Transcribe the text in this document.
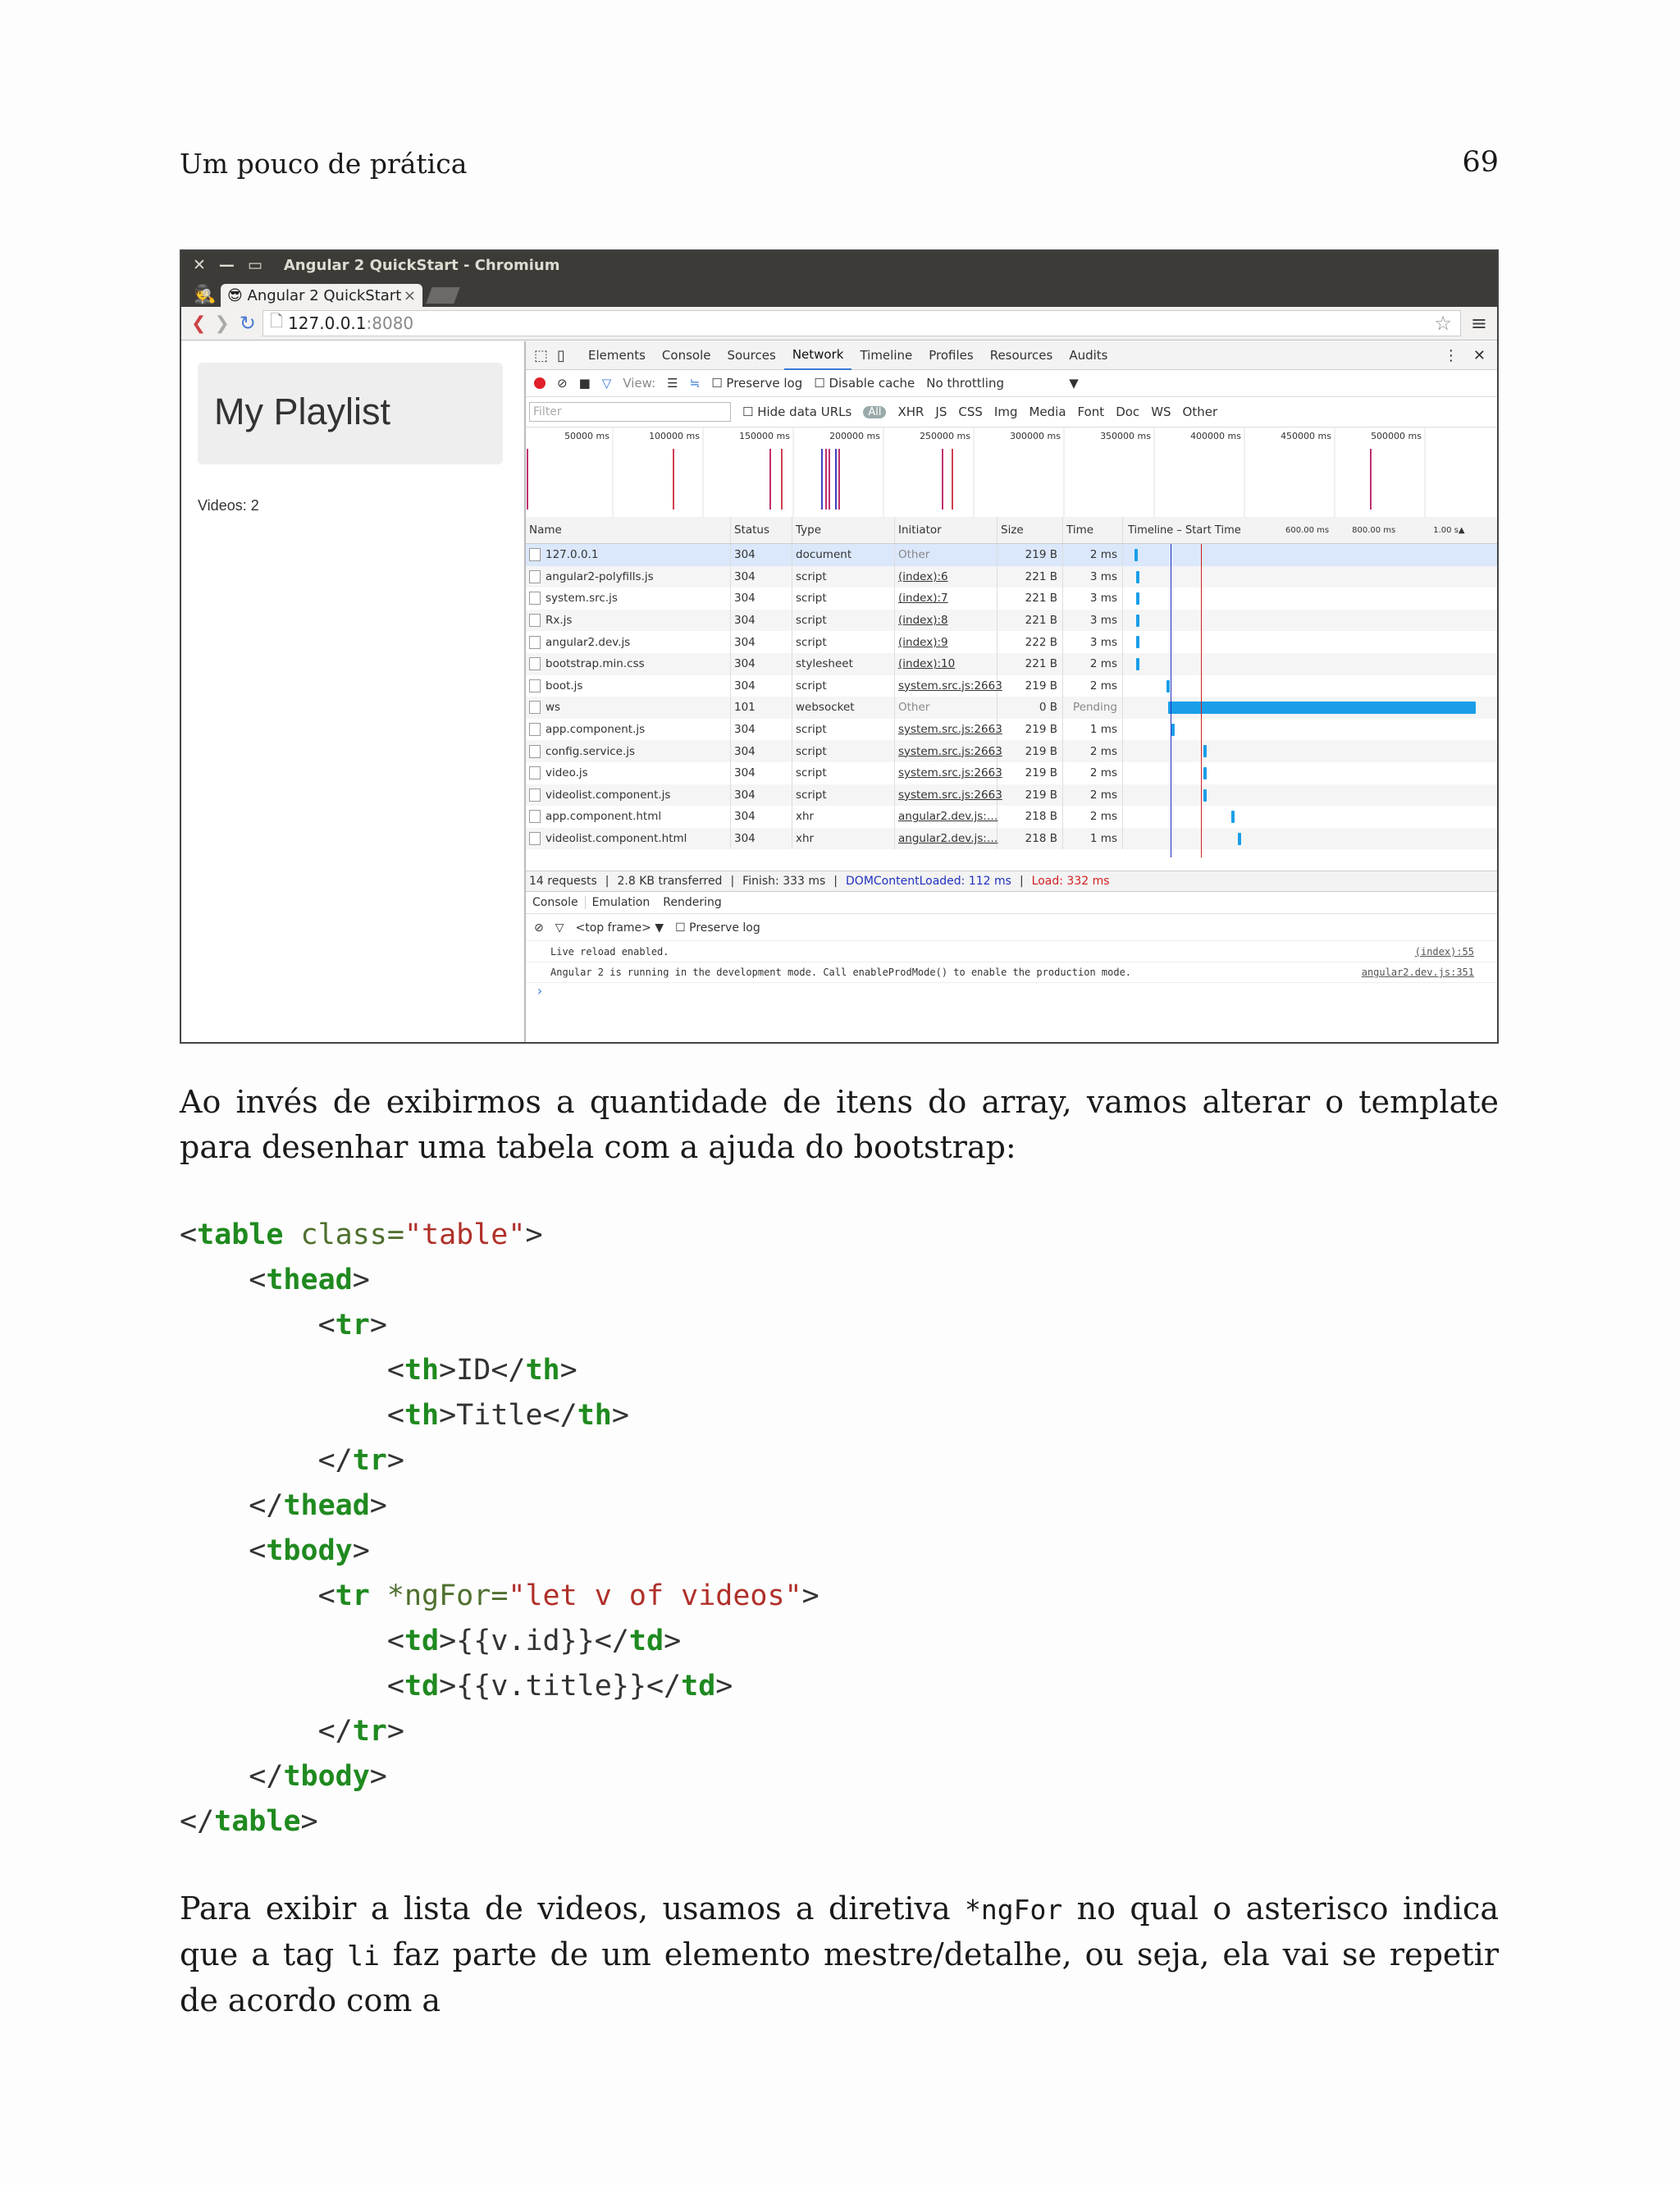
Um pouco de prática	69
✕ — ▭ Angular 2 QuickStart - Chromium
🕵 😎
Angular 2 QuickStart ×
❮ ❯ ↻ 🗋 127.0.0.1 :8080	☆ ≡
My Playlist
Videos: 2
⬚ ▯	Elements	Console	Sources	Network	Timeline	Profiles	Resources	Audits	⋮ ✕
⊘ ■ ▽ View: ☰ ≒ ☐ Preserve log ☐ Disable cache No throttling	▼
Filter	☐ Hide data URLs	All	XHR JS CSS Img Media Font Doc WS Other
50000 ms	100000 ms	150000 ms	200000 ms	250000 ms	300000 ms	350000 ms	400000 ms	450000 ms	500000 ms
Name	Status	Type	Initiator	Size	Time	Timeline – Start Time	600.00 ms	800.00 ms	1.00 s ▲
127.0.0.1	304	document	Other	219 B	2 ms
angular2-polyfills.js	304	script	(index):6	221 B	3 ms
system.src.js	304	script	(index):7	221 B	3 ms
Rx.js	304	script	(index):8	221 B	3 ms
angular2.dev.js	304	script	(index):9	222 B	3 ms
bootstrap.min.css	304	stylesheet	(index):10	221 B	2 ms
boot.js	304	script	system.src.js:2663	219 B	2 ms
ws	101	websocket	Other	0 B	Pending
app.component.js	304	script	system.src.js:2663	219 B	1 ms
config.service.js	304	script	system.src.js:2663	219 B	2 ms
video.js	304	script	system.src.js:2663	219 B	2 ms
videolist.component.js	304	script	system.src.js:2663	219 B	2 ms
app.component.html	304	xhr	angular2.dev.js:…	218 B	2 ms
videolist.component.html	304	xhr	angular2.dev.js:…	218 B	1 ms
14 requests | 2.8 KB transferred | Finish: 333 ms | DOMContentLoaded: 112 ms | Load: 332 ms
Console	Emulation	Rendering
⊘ ▽ <top frame> ▼ ☐ Preserve log
Live reload enabled.	(index):55
Angular 2 is running in the development mode. Call enableProdMode() to enable the production mode.	angular2.dev.js:351
›
Ao invés de exibirmos a quantidade de itens do array, vamos alterar o template para desenhar uma tabela com a ajuda do bootstrap:
<table class="table">
<thead>
<tr>
<th>ID</th>
<th>Title</th>
</tr>
</thead>
<tbody>
<tr *ngFor="let v of videos">
<td>{{v.id}}</td>
<td>{{v.title}}</td>
</tr>
</tbody>
</table>
Para exibir a lista de videos, usamos a diretiva *ngFor no qual o asterisco indica que a tag li faz parte de um elemento mestre/detalhe, ou seja, ela vai se repetir de acordo com a
